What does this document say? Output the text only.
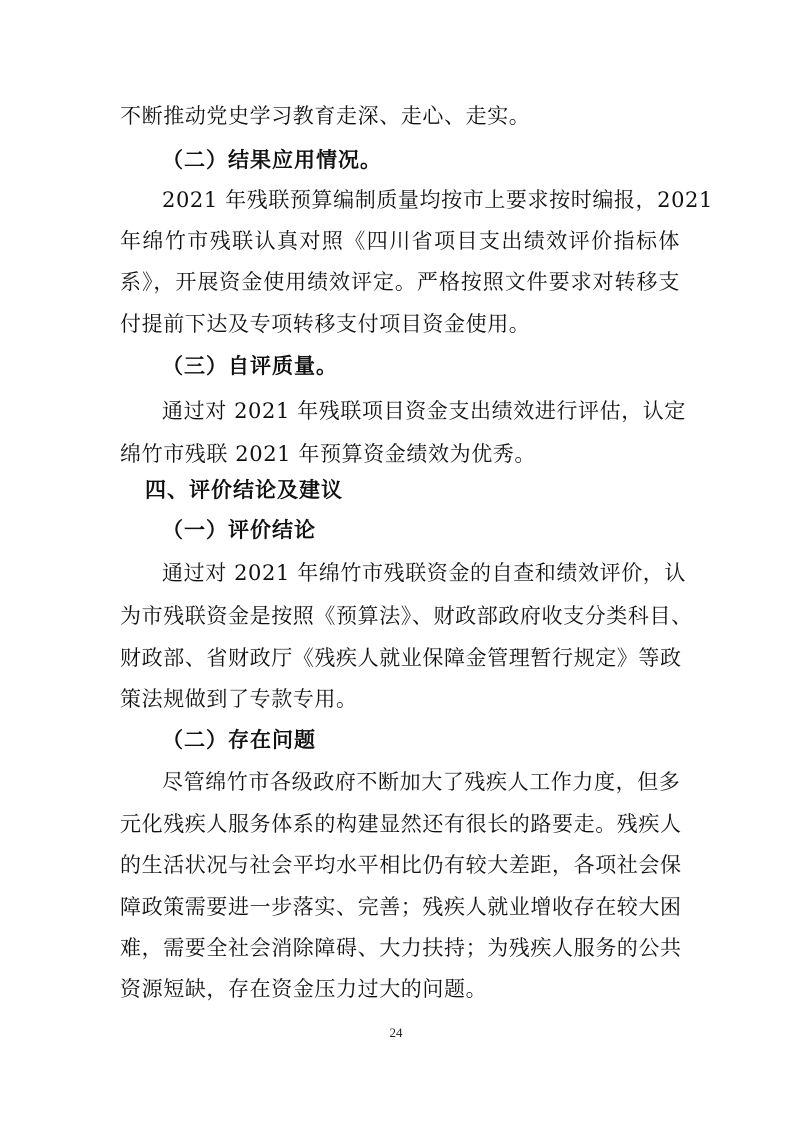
不断推动党史学习教育走深、走心、走实。
（二）结果应用情况。
2021 年残联预算编制质量均按市上要求按时编报，2021
年绵竹市残联认真对照《四川省项目支出绩效评价指标体
系》，开展资金使用绩效评定。严格按照文件要求对转移支
付提前下达及专项转移支付项目资金使用。
（三）自评质量。
通过对 2021 年残联项目资金支出绩效进行评估，认定
绵竹市残联 2021 年预算资金绩效为优秀。
四、评价结论及建议
（一）评价结论
通过对 2021 年绵竹市残联资金的自查和绩效评价，认
为市残联资金是按照《预算法》、财政部政府收支分类科目、
财政部、省财政厅《残疾人就业保障金管理暂行规定》等政
策法规做到了专款专用。
（二）存在问题
尽管绵竹市各级政府不断加大了残疾人工作力度，但多
元化残疾人服务体系的构建显然还有很长的路要走。残疾人
的生活状况与社会平均水平相比仍有较大差距，各项社会保
障政策需要进一步落实、完善；残疾人就业增收存在较大困
难，需要全社会消除障碍、大力扶持；为残疾人服务的公共
资源短缺，存在资金压力过大的问题。
24
